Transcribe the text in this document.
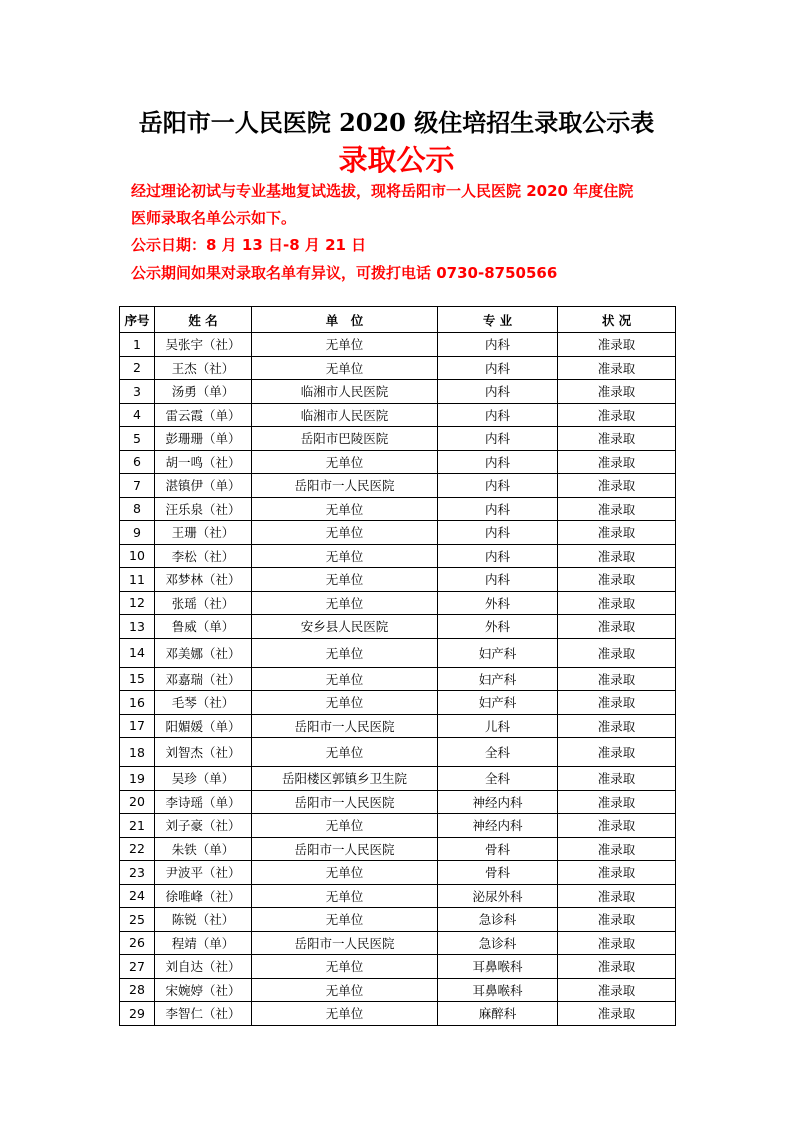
岳阳市一人民医院 2020 级住培招生录取公示表
录取公示

经过理论初试与专业基地复试选拔，现将岳阳市一人民医院 2020 年度住院

医师录取名单公示如下。

公示日期：8 月 13 日-8 月 21 日

公示期间如果对录取名单有异议，可拨打电话 0730-8750566

序号	姓 名	单　位	专 业	状 况
1	吴张宇（社）	无单位	内科	准录取
2	王杰（社）	无单位	内科	准录取
3	汤勇（单）	临湘市人民医院	内科	准录取
4	雷云霞（单）	临湘市人民医院	内科	准录取
5	彭珊珊（单）	岳阳市巴陵医院	内科	准录取
6	胡一鸣（社）	无单位	内科	准录取
7	湛镇伊（单）	岳阳市一人民医院	内科	准录取
8	汪乐泉（社）	无单位	内科	准录取
9	王珊（社）	无单位	内科	准录取
10	李松（社）	无单位	内科	准录取
11	邓梦林（社）	无单位	内科	准录取
12	张瑶（社）	无单位	外科	准录取
13	鲁威（单）	安乡县人民医院	外科	准录取
14	邓美娜（社）	无单位	妇产科	准录取
15	邓嘉瑞（社）	无单位	妇产科	准录取
16	毛琴（社）	无单位	妇产科	准录取
17	阳媚媛（单）	岳阳市一人民医院	儿科	准录取
18	刘智杰（社）	无单位	全科	准录取
19	吴珍（单）	岳阳楼区郭镇乡卫生院	全科	准录取
20	李诗瑶（单）	岳阳市一人民医院	神经内科	准录取
21	刘子豪（社）	无单位	神经内科	准录取
22	朱铁（单）	岳阳市一人民医院	骨科	准录取
23	尹波平（社）	无单位	骨科	准录取
24	徐唯峰（社）	无单位	泌尿外科	准录取
25	陈锐（社）	无单位	急诊科	准录取
26	程靖（单）	岳阳市一人民医院	急诊科	准录取
27	刘自达（社）	无单位	耳鼻喉科	准录取
28	宋婉婷（社）	无单位	耳鼻喉科	准录取
29	李智仁（社）	无单位	麻醉科	准录取
